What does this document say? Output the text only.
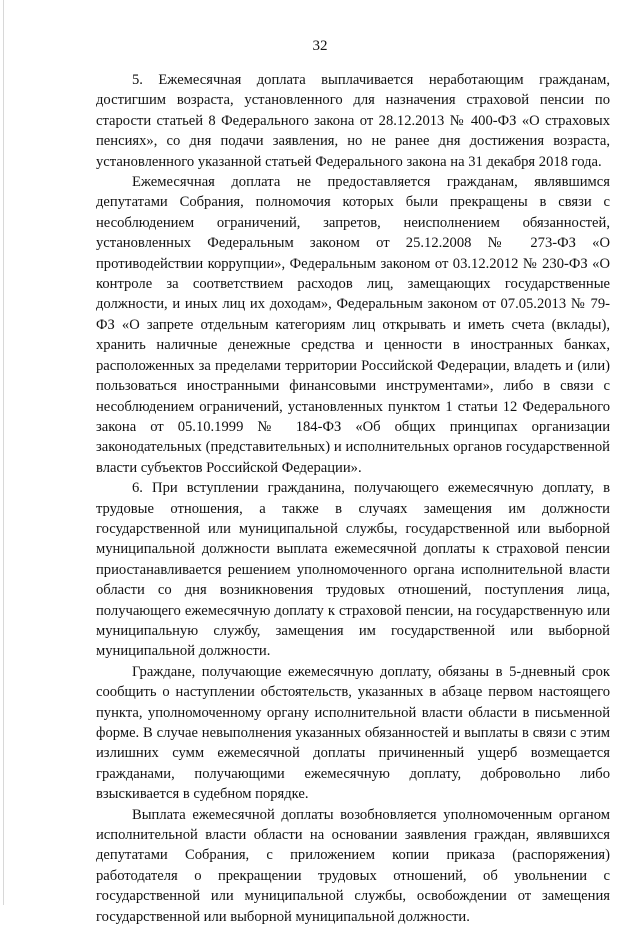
32

5. Ежемесячная доплата выплачивается неработающим гражданам, достигшим возраста, установленного для назначения страховой пенсии по старости статьей 8 Федерального закона от 28.12.2013 № 400-ФЗ «О страховых пенсиях», со дня подачи заявления, но не ранее дня достижения возраста, установленного указанной статьей Федерального закона на 31 декабря 2018 года.

Ежемесячная доплата не предоставляется гражданам, являвшимся депутатами Собрания, полномочия которых были прекращены в связи с несоблюдением ограничений, запретов, неисполнением обязанностей, установленных Федеральным законом от 25.12.2008 № 273-ФЗ «О противодействии коррупции», Федеральным законом от 03.12.2012 № 230-ФЗ «О контроле за соответствием расходов лиц, замещающих государственные должности, и иных лиц их доходам», Федеральным законом от 07.05.2013 № 79-ФЗ «О запрете отдельным категориям лиц открывать и иметь счета (вклады), хранить наличные денежные средства и ценности в иностранных банках, расположенных за пределами территории Российской Федерации, владеть и (или) пользоваться иностранными финансовыми инструментами», либо в связи с несоблюдением ограничений, установленных пунктом 1 статьи 12 Федерального закона от 05.10.1999 № 184-ФЗ «Об общих принципах организации законодательных (представительных) и исполнительных органов государственной власти субъектов Российской Федерации».

6. При вступлении гражданина, получающего ежемесячную доплату, в трудовые отношения, а также в случаях замещения им должности государственной или муниципальной службы, государственной или выборной муниципальной должности выплата ежемесячной доплаты к страховой пенсии приостанавливается решением уполномоченного органа исполнительной власти области со дня возникновения трудовых отношений, поступления лица, получающего ежемесячную доплату к страховой пенсии, на государственную или муниципальную службу, замещения им государственной или выборной муниципальной должности.

Граждане, получающие ежемесячную доплату, обязаны в 5-дневный срок сообщить о наступлении обстоятельств, указанных в абзаце первом настоящего пункта, уполномоченному органу исполнительной власти области в письменной форме. В случае невыполнения указанных обязанностей и выплаты в связи с этим излишних сумм ежемесячной доплаты причиненный ущерб возмещается гражданами, получающими ежемесячную доплату, добровольно либо взыскивается в судебном порядке.

Выплата ежемесячной доплаты возобновляется уполномоченным органом исполнительной власти области на основании заявления граждан, являвшихся депутатами Собрания, с приложением копии приказа (распоряжения) работодателя о прекращении трудовых отношений, об увольнении с государственной или муниципальной службы, освобождении от замещения государственной или выборной муниципальной должности.
